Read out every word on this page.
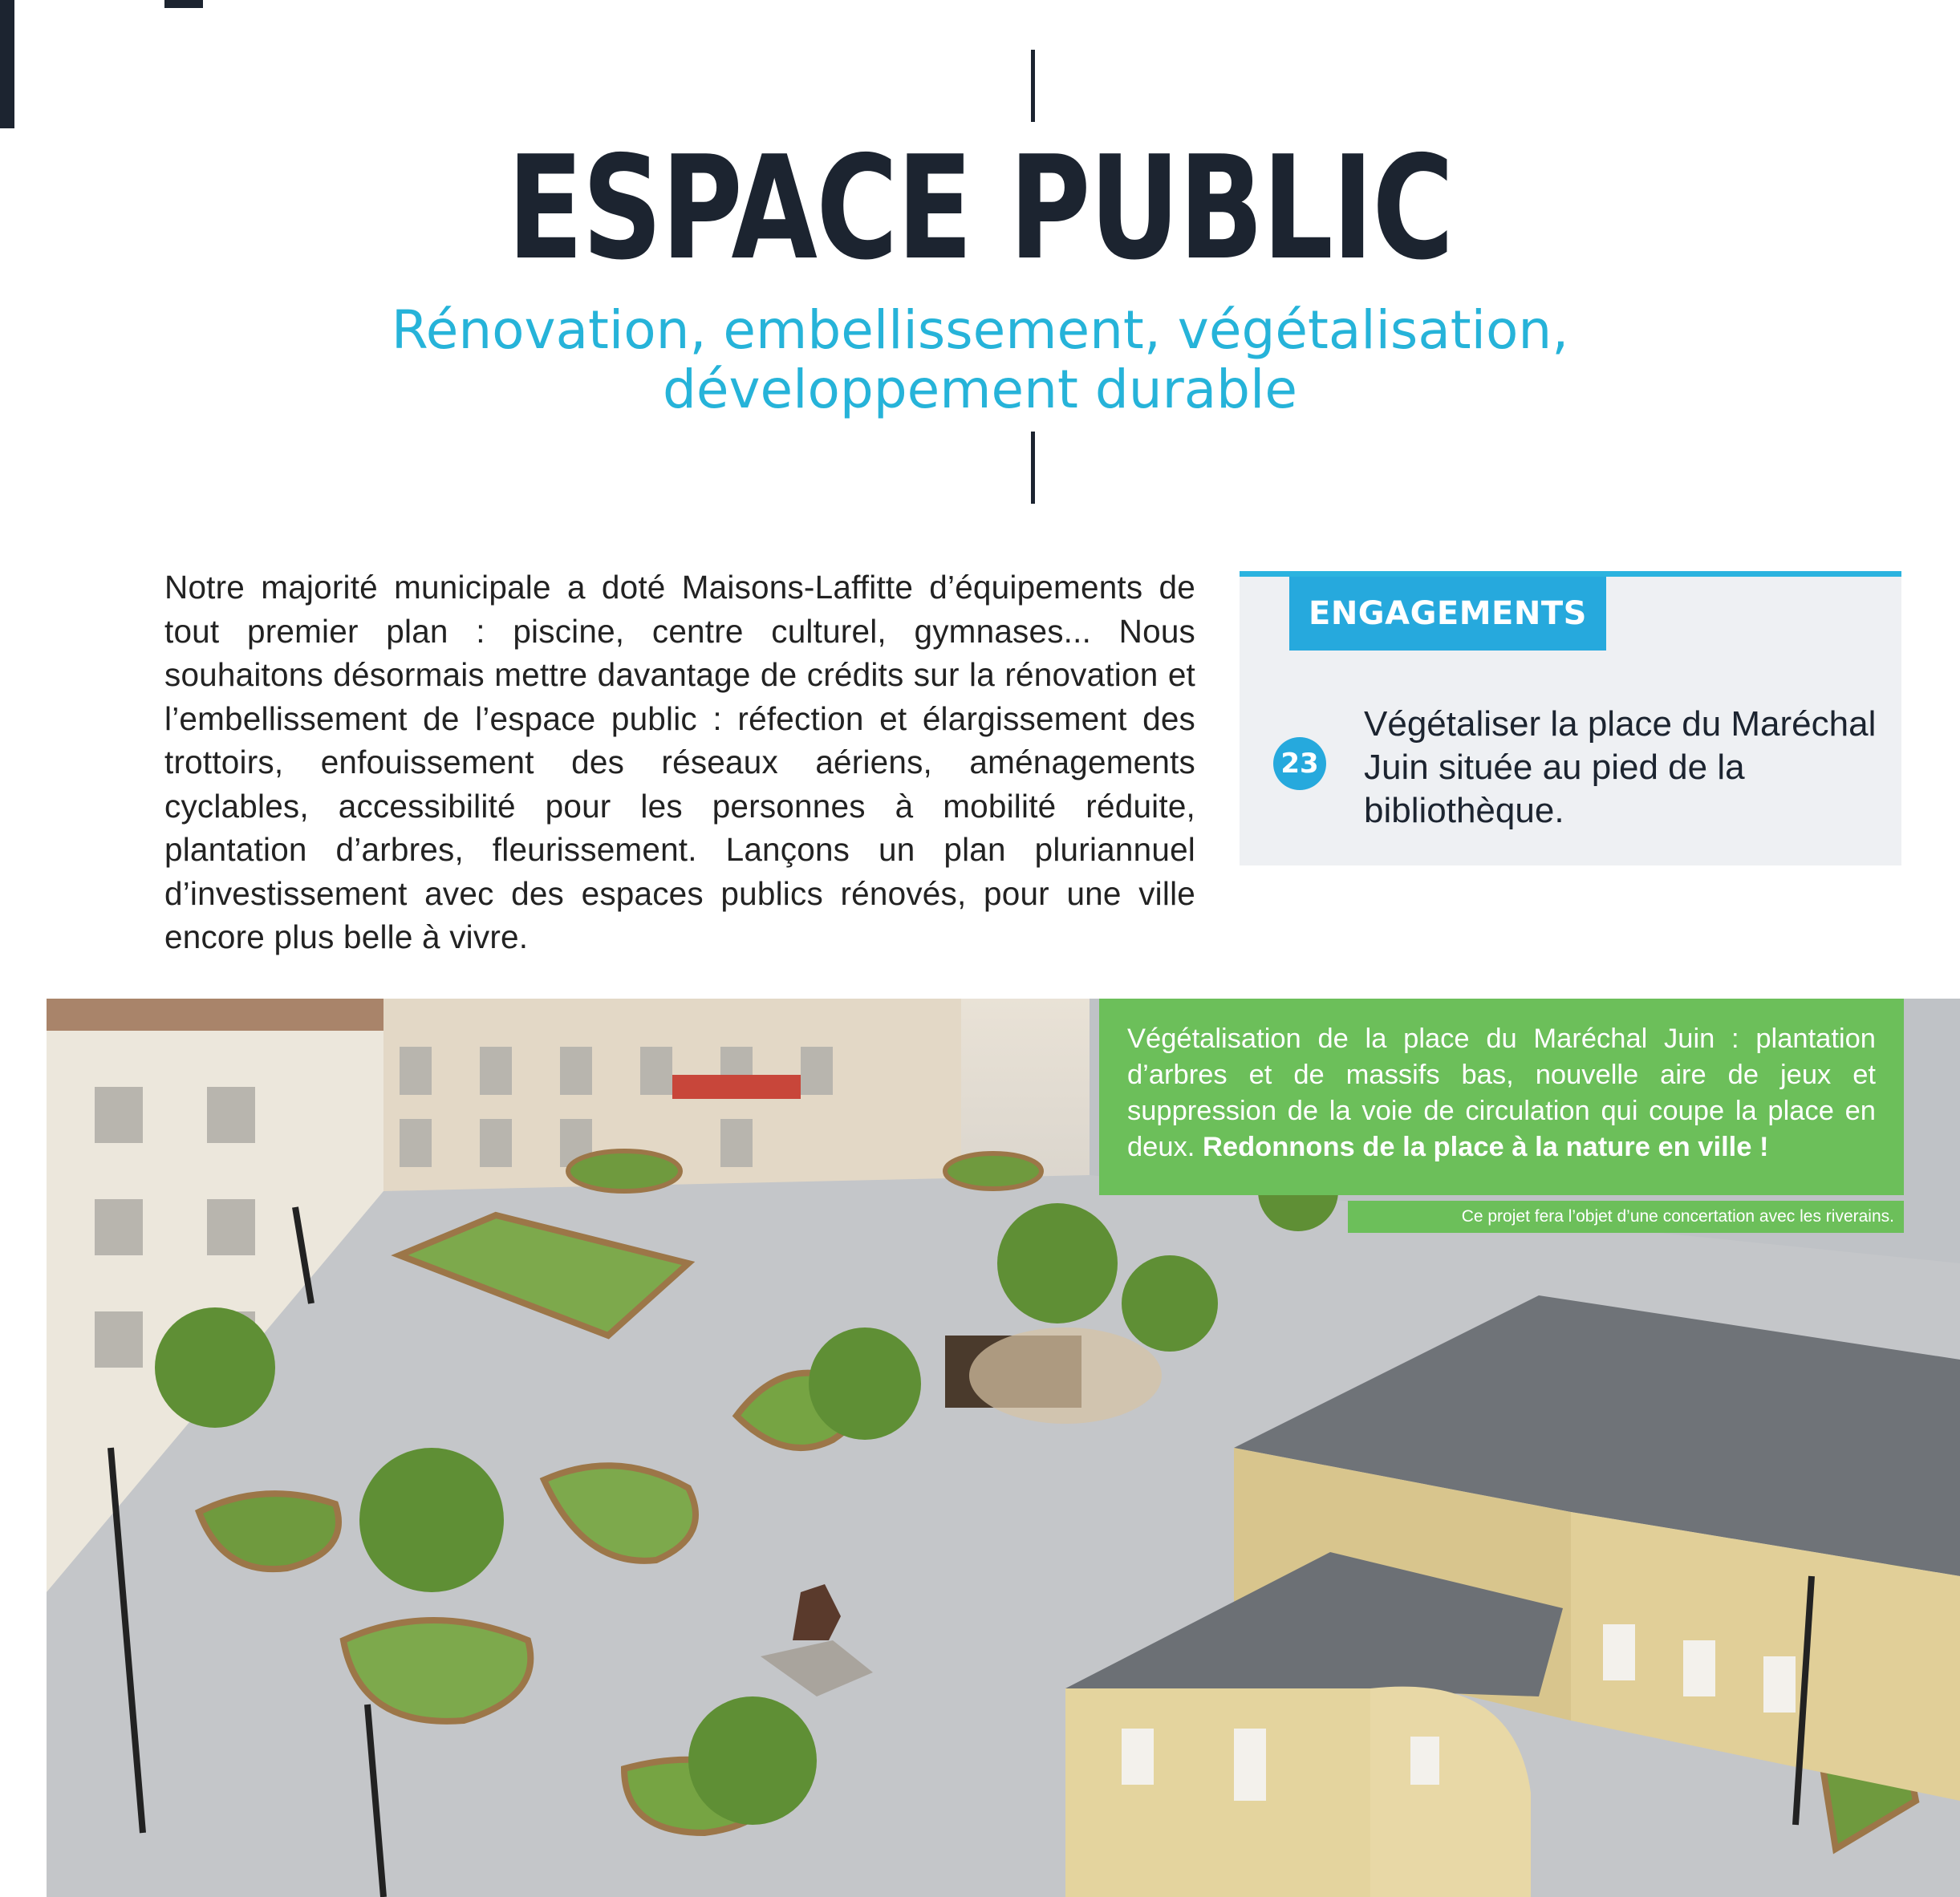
ESPACE PUBLIC
Rénovation, embellissement, végétalisation,
développement durable

Notre majorité municipale a doté Maisons-Laffitte d’équipements de tout premier plan : piscine, centre culturel, gymnases... Nous souhaitons désormais mettre davantage de crédits sur la rénovation et l’embellissement de l’espace public : réfection et élargissement des trottoirs, enfouissement des réseaux aériens, aménagements cyclables, accessibilité pour les personnes à mobilité réduite, plantation d’arbres, fleurissement. Lançons un plan pluriannuel d’investissement avec des espaces publics rénovés, pour une ville encore plus belle à vivre.

ENGAGEMENTS
23

Végétaliser la place du Maréchal Juin située au pied de la bibliothèque.

Végétalisation de la place du Maréchal Juin : plantation d’arbres et de massifs bas, nouvelle aire de jeux et suppression de la voie de circulation qui coupe la place en deux. Redonnons de la place à la nature en ville !

Ce projet fera l’objet d’une concertation avec les riverains.
